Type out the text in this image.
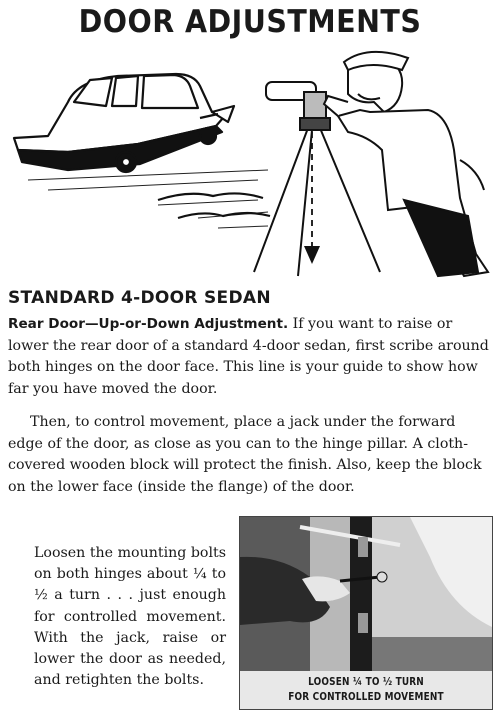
DOOR ADJUSTMENTS
STANDARD 4-DOOR SEDAN
Rear Door—Up-or-Down Adjustment. If you want to raise or lower the rear door of a standard 4-door sedan, first scribe around both hinges on the door face. This line is your guide to show how far you have moved the door.
Then, to control movement, place a jack under the forward edge of the door, as close as you can to the hinge pillar. A cloth-covered wooden block will protect the finish. Also, keep the block on the lower face (inside the flange) of the door.
Loosen the mounting bolts on both hinges about ¼ to ½ a turn . . . just enough for controlled movement. With the jack, raise or lower the door as needed, and retighten the bolts.	LOOSEN ¼ TO ½ TURN
FOR CONTROLLED MOVEMENT
